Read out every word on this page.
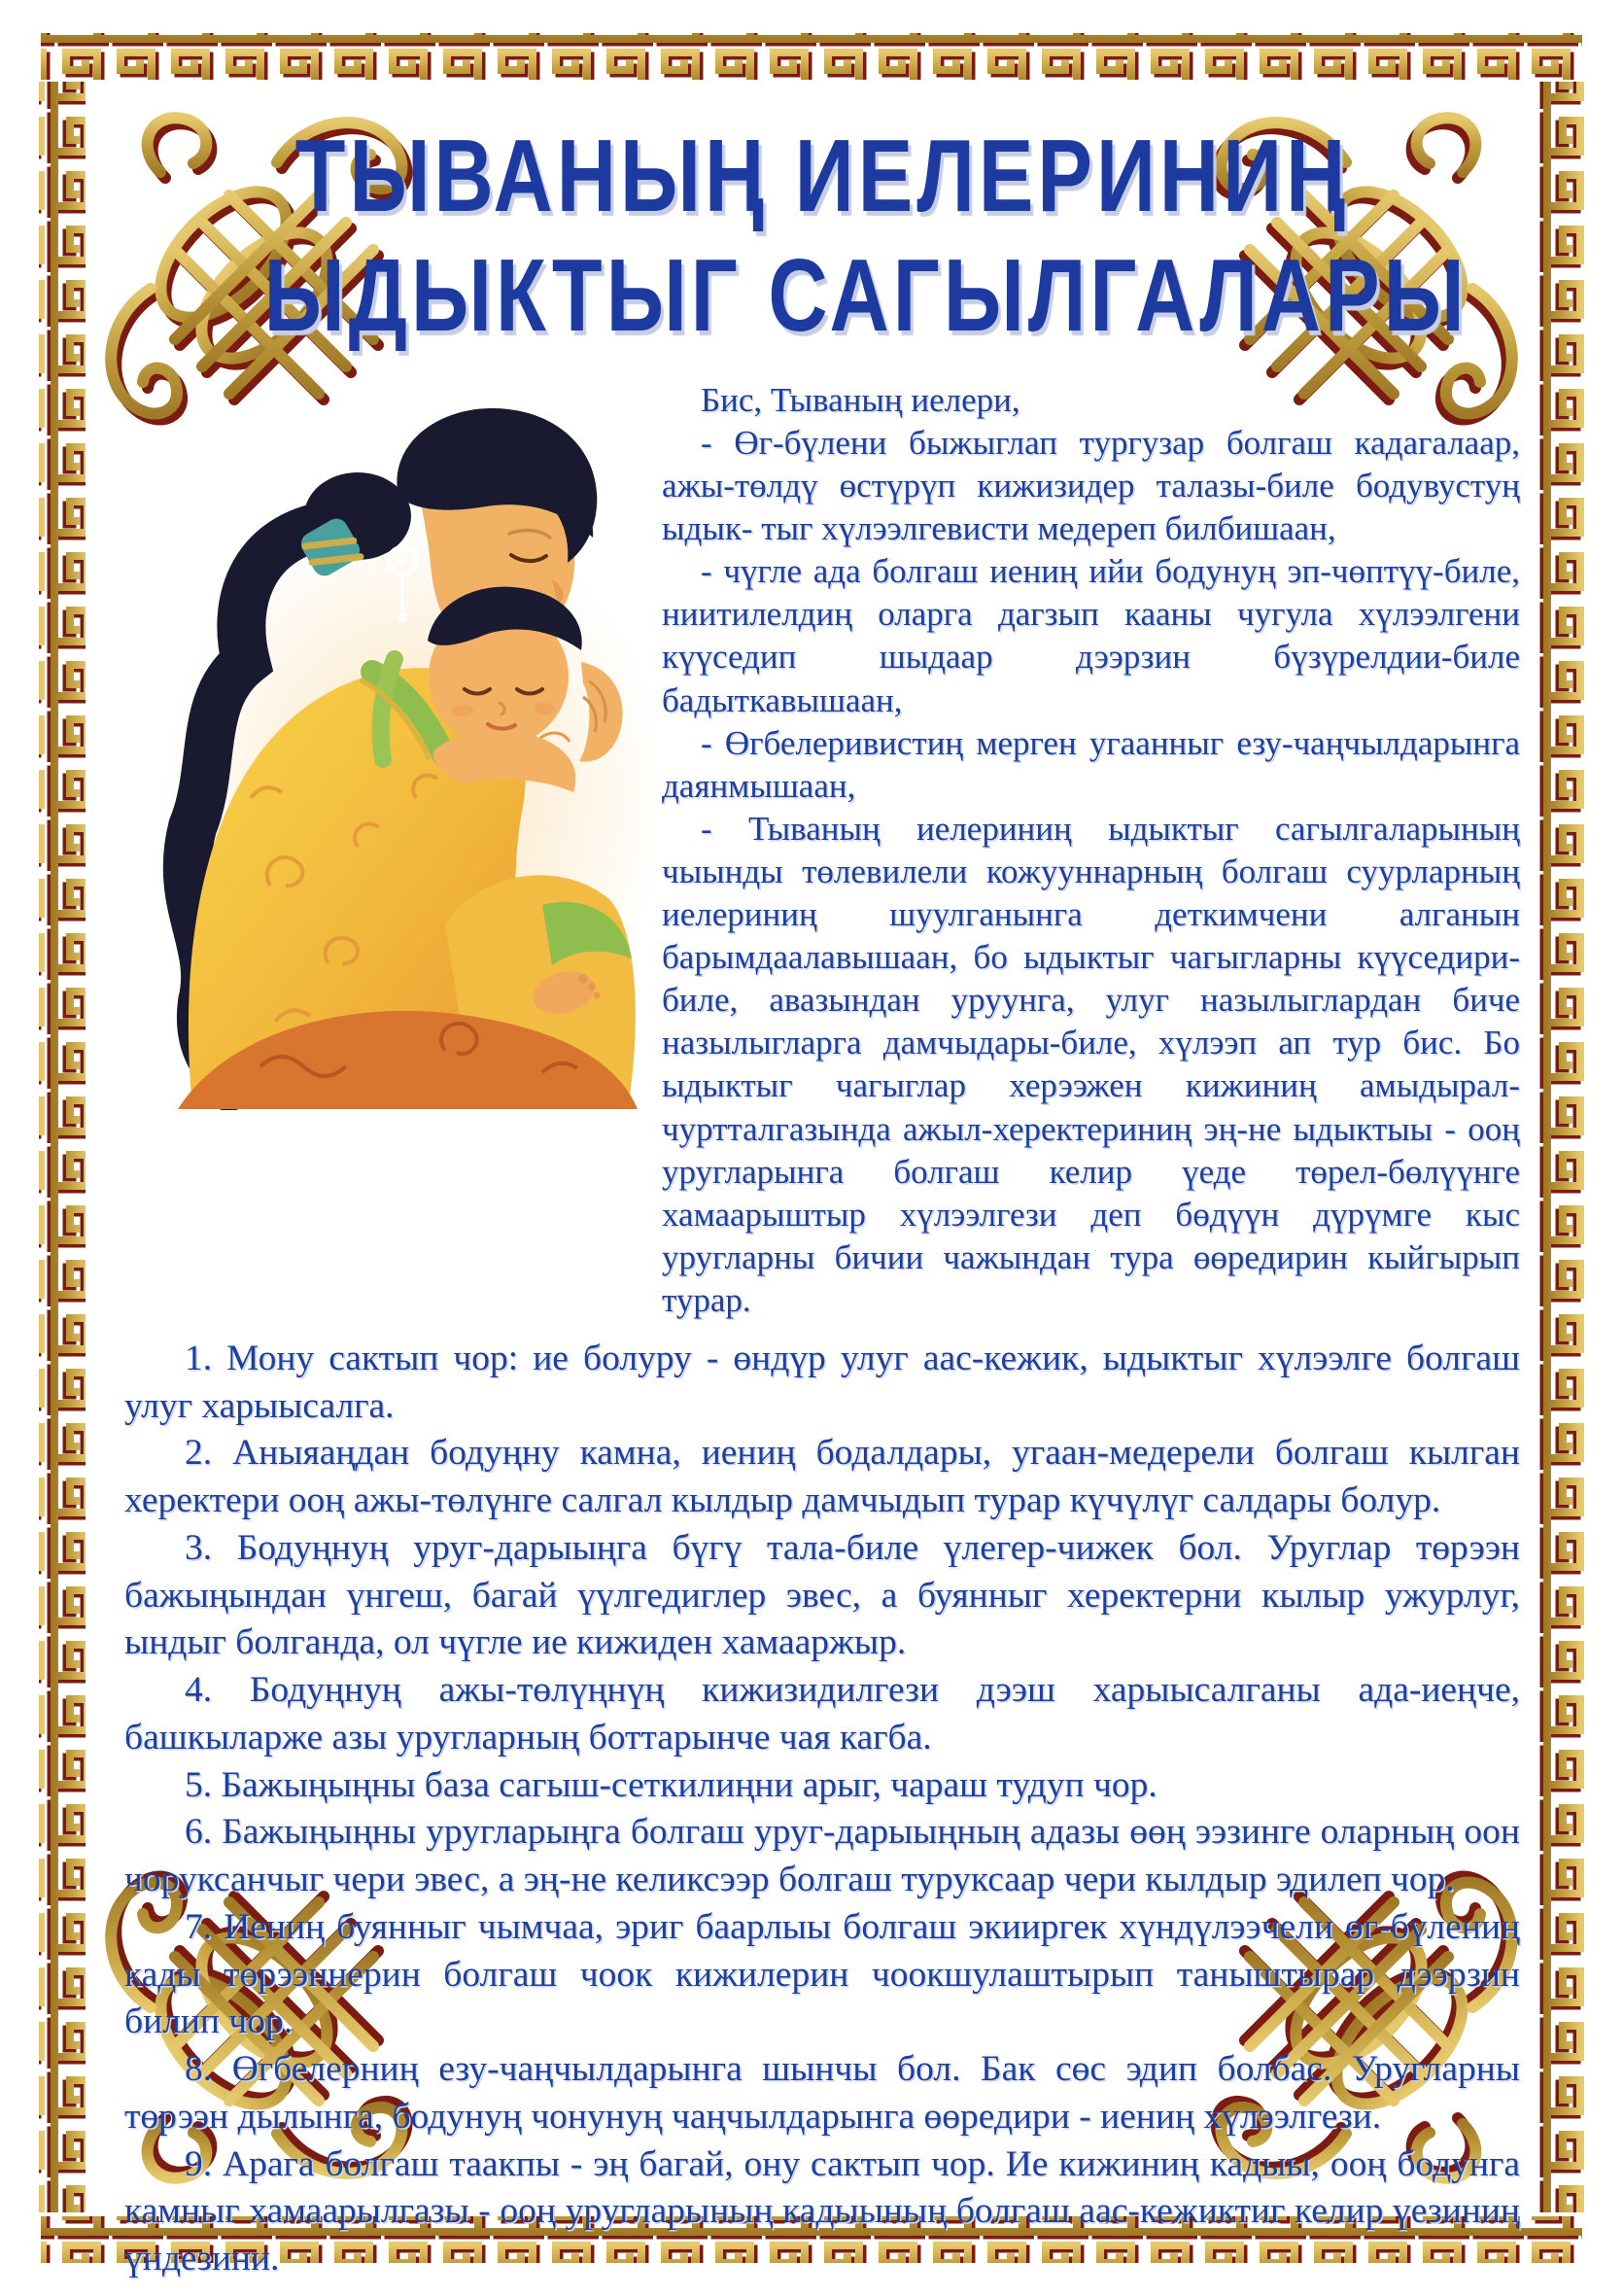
ТЫВАНЫҢ ИЕЛЕРИНИҢ
ЫДЫКТЫГ САГЫЛГАЛАРЫ

Бис, Тываның иелери,

- Өг-бүлени быжыглап тургузар болгаш кадагалаар, ажы-төлдү өстүрүп кижизидер талазы-биле бодувустуң ыдык- тыг хүлээлгевисти медереп билбишаан,

- чүгле ада болгаш иениң ийи бодунуң эп-чөптүү-биле, ниитилелдиң оларга дагзып кааны чугула хүлээлгени күүседип шыдаар дээрзин бүзүрелдии-биле бадыткавышаан,

- Өгбелеривистиң мерген угаанныг езу-чаңчылдарынга даянмышаан,

- Тываның иелериниң ыдыктыг сагылгаларының чыынды төлевилели кожууннарның болгаш суурларның иелериниң шуулганынга деткимчени алганын барымдаалавышаан, бо ыдыктыг чагыгларны күүседири-биле, авазындан уруунга, улуг назылыглардан биче назылыгларга дамчыдары-биле, хүлээп ап тур бис. Бо ыдыктыг чагыглар херээжен кижиниң амыдырал-чуртталгазында ажыл-херектериниң эң-не ыдыктыы - ооң уругларынга болгаш келир үеде төрел-бөлүүнге хамаарыштыр хүлээлгези деп бөдүүн дүрүмге кыс уругларны бичии чажындан тура өөредирин кыйгырып турар.

1. Мону сактып чор: ие болуру - өндүр улуг аас-кежик, ыдыктыг хүлээлге болгаш улуг харыысалга.

2. Аныяаңдан бодуңну камна, иениң бодалдары, угаан-медерели болгаш кылган херектери ооң ажы-төлүнге салгал кылдыр дамчыдып турар күчүлүг салдары болур.

3. Бодуңнуң уруг-дарыыңга бүгү тала-биле үлегер-чижек бол. Уруглар төрээн бажыңындан үнгеш, багай үүлгедиглер эвес, а буянныг херектерни кылыр ужурлуг, ындыг болганда, ол чүгле ие кижиден хамааржыр.

4. Бодуңнуң ажы-төлүңнүң кижизидилгези дээш харыысалганы ада-иеңче, башкыларже азы уругларның боттарынче чая кагба.

5. Бажыңыңны база сагыш-сеткилиңни арыг, чараш тудуп чор.

6. Бажыңыңны уругларыңга болгаш уруг-дарыыңның адазы өөң ээзинге оларның оон чоруксанчыг чери эвес, а эң-не келиксээр болгаш туруксаар чери кылдыр эдилеп чор.

7. Иениң буянныг чымчаа, эриг баарлыы болгаш экииргек хүндүлээчели өг-бүлениң кады төрээннерин болгаш чоок кижилерин чоокшулаштырып таныштырар дээрзин билип чор.

8. Өгбелерниң езу-чаңчылдарынга шынчы бол. Бак сөс эдип болбас. Уругларны төрээн дылынга, бодунуң чонунуң чаңчылдарынга өөредири - иениң хүлээлгези.

9. Арага болгаш таакпы - эң багай, ону сактып чор. Ие кижиниң кадыы, ооң бодунга камныг хамаарылгазы - ооң уругларының кадыының болгаш аас-кежиктиг келир үезиниң үндезини.
